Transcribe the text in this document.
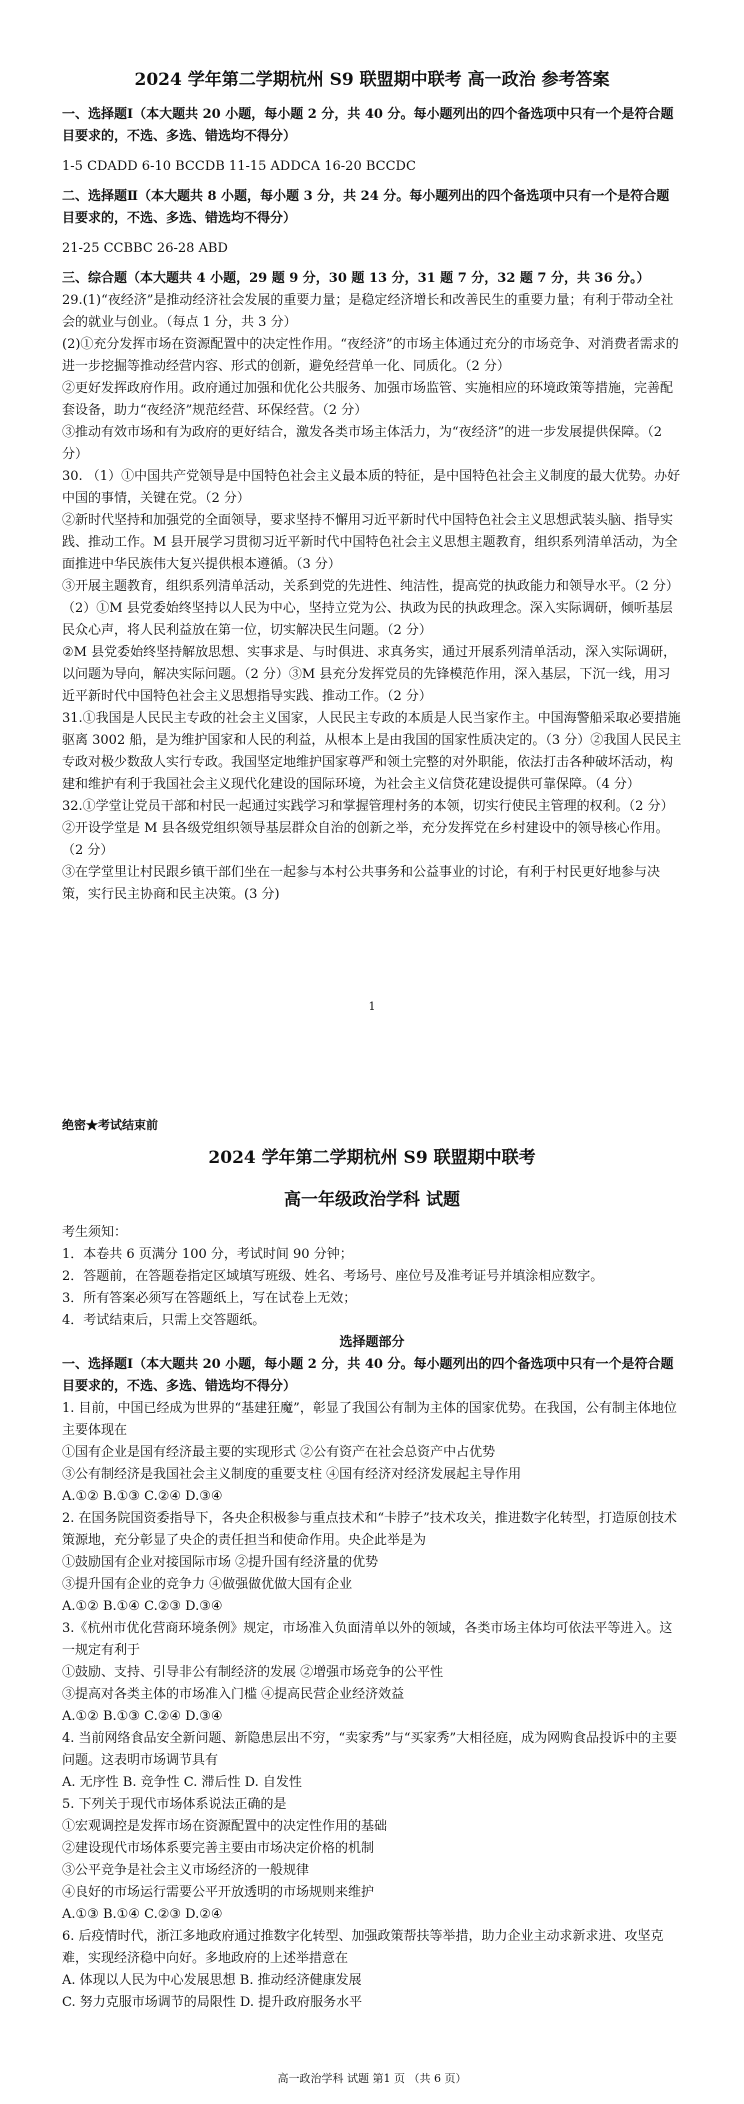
2024 学年第二学期杭州 S9 联盟期中联考 高一政治 参考答案

一、选择题Ⅰ（本大题共 20 小题，每小题 2 分，共 40 分。每小题列出的四个备选项中只有一个是符合题目要求的，不选、多选、错选均不得分）

1-5 CDADD 6-10 BCCDB 11-15 ADDCA 16-20 BCCDC

二、选择题Ⅱ（本大题共 8 小题，每小题 3 分，共 24 分。每小题列出的四个备选项中只有一个是符合题目要求的，不选、多选、错选均不得分）

21-25 CCBBC 26-28 ABD

三、综合题（本大题共 4 小题，29 题 9 分，30 题 13 分，31 题 7 分，32 题 7 分，共 36 分。）

29.(1)“夜经济”是推动经济社会发展的重要力量；是稳定经济增长和改善民生的重要力量；有利于带动全社会的就业与创业。（每点 1 分，共 3 分）

(2)①充分发挥市场在资源配置中的决定性作用。“夜经济”的市场主体通过充分的市场竞争、对消费者需求的进一步挖掘等推动经营内容、形式的创新，避免经营单一化、同质化。（2 分）

②更好发挥政府作用。政府通过加强和优化公共服务、加强市场监管、实施相应的环境政策等措施，完善配套设备，助力“夜经济”规范经营、环保经营。（2 分）

③推动有效市场和有为政府的更好结合，激发各类市场主体活力，为“夜经济”的进一步发展提供保障。（2 分）

30. （1）①中国共产党领导是中国特色社会主义最本质的特征，是中国特色社会主义制度的最大优势。办好中国的事情，关键在党。（2 分）

②新时代坚持和加强党的全面领导，要求坚持不懈用习近平新时代中国特色社会主义思想武装头脑、指导实践、推动工作。M 县开展学习贯彻习近平新时代中国特色社会主义思想主题教育，组织系列清单活动，为全面推进中华民族伟大复兴提供根本遵循。（3 分）

③开展主题教育，组织系列清单活动，关系到党的先进性、纯洁性，提高党的执政能力和领导水平。（2 分）

（2）①M 县党委始终坚持以人民为中心，坚持立党为公、执政为民的执政理念。深入实际调研，倾听基层民众心声，将人民利益放在第一位，切实解决民生问题。（2 分）

②M 县党委始终坚持解放思想、实事求是、与时俱进、求真务实，通过开展系列清单活动，深入实际调研，以问题为导向，解决实际问题。（2 分）③M 县充分发挥党员的先锋模范作用，深入基层，下沉一线，用习近平新时代中国特色社会主义思想指导实践、推动工作。（2 分）

31.①我国是人民民主专政的社会主义国家，人民民主专政的本质是人民当家作主。中国海警船采取必要措施驱离 3002 船，是为维护国家和人民的利益，从根本上是由我国的国家性质决定的。（3 分）②我国人民民主专政对极少数敌人实行专政。我国坚定地维护国家尊严和领土完整的对外职能，依法打击各种破坏活动，构建和维护有利于我国社会主义现代化建设的国际环境，为社会主义信贷花建设提供可靠保障。（4 分）

32.①学堂让党员干部和村民一起通过实践学习和掌握管理村务的本领，切实行使民主管理的权利。（2 分）

②开设学堂是 M 县各级党组织领导基层群众自治的创新之举，充分发挥党在乡村建设中的领导核心作用。（2 分）

③在学堂里让村民跟乡镇干部们坐在一起参与本村公共事务和公益事业的讨论，有利于村民更好地参与决策，实行民主协商和民主决策。(3 分)

1

绝密★考试结束前

2024 学年第二学期杭州 S9 联盟期中联考

高一年级政治学科 试题

考生须知：

1．本卷共 6 页满分 100 分，考试时间 90 分钟；

2．答题前，在答题卷指定区域填写班级、姓名、考场号、座位号及准考证号并填涂相应数字。

3．所有答案必须写在答题纸上，写在试卷上无效；

4．考试结束后，只需上交答题纸。

选择题部分

一、选择题Ⅰ（本大题共 20 小题，每小题 2 分，共 40 分。每小题列出的四个备选项中只有一个是符合题目要求的，不选、多选、错选均不得分）

1. 目前，中国已经成为世界的“基建狂魔”，彰显了我国公有制为主体的国家优势。在我国，公有制主体地位主要体现在

①国有企业是国有经济最主要的实现形式 ②公有资产在社会总资产中占优势

③公有制经济是我国社会主义制度的重要支柱 ④国有经济对经济发展起主导作用

A.①② B.①③ C.②④ D.③④

2. 在国务院国资委指导下，各央企积极参与重点技术和“卡脖子”技术攻关，推进数字化转型，打造原创技术策源地，充分彰显了央企的责任担当和使命作用。央企此举是为

①鼓励国有企业对接国际市场 ②提升国有经济量的优势

③提升国有企业的竞争力 ④做强做优做大国有企业

A.①② B.①④ C.②③ D.③④

3.《杭州市优化营商环境条例》规定，市场准入负面清单以外的领域，各类市场主体均可依法平等进入。这一规定有利于

①鼓励、支持、引导非公有制经济的发展 ②增强市场竞争的公平性

③提高对各类主体的市场准入门槛 ④提高民营企业经济效益

A.①② B.①③ C.②④ D.③④

4. 当前网络食品安全新问题、新隐患层出不穷，“卖家秀”与“买家秀”大相径庭，成为网购食品投诉中的主要问题。这表明市场调节具有

A. 无序性 B. 竞争性 C. 滞后性 D. 自发性

5. 下列关于现代市场体系说法正确的是

①宏观调控是发挥市场在资源配置中的决定性作用的基础

②建设现代市场体系要完善主要由市场决定价格的机制

③公平竞争是社会主义市场经济的一般规律

④良好的市场运行需要公平开放透明的市场规则来维护

A.①③ B.①④ C.②③ D.②④

6. 后疫情时代，浙江多地政府通过推数字化转型、加强政策帮扶等举措，助力企业主动求新求进、攻坚克难，实现经济稳中向好。多地政府的上述举措意在

A. 体现以人民为中心发展思想 B. 推动经济健康发展

C. 努力克服市场调节的局限性 D. 提升政府服务水平

高一政治学科 试题 第1 页 （共 6 页）
